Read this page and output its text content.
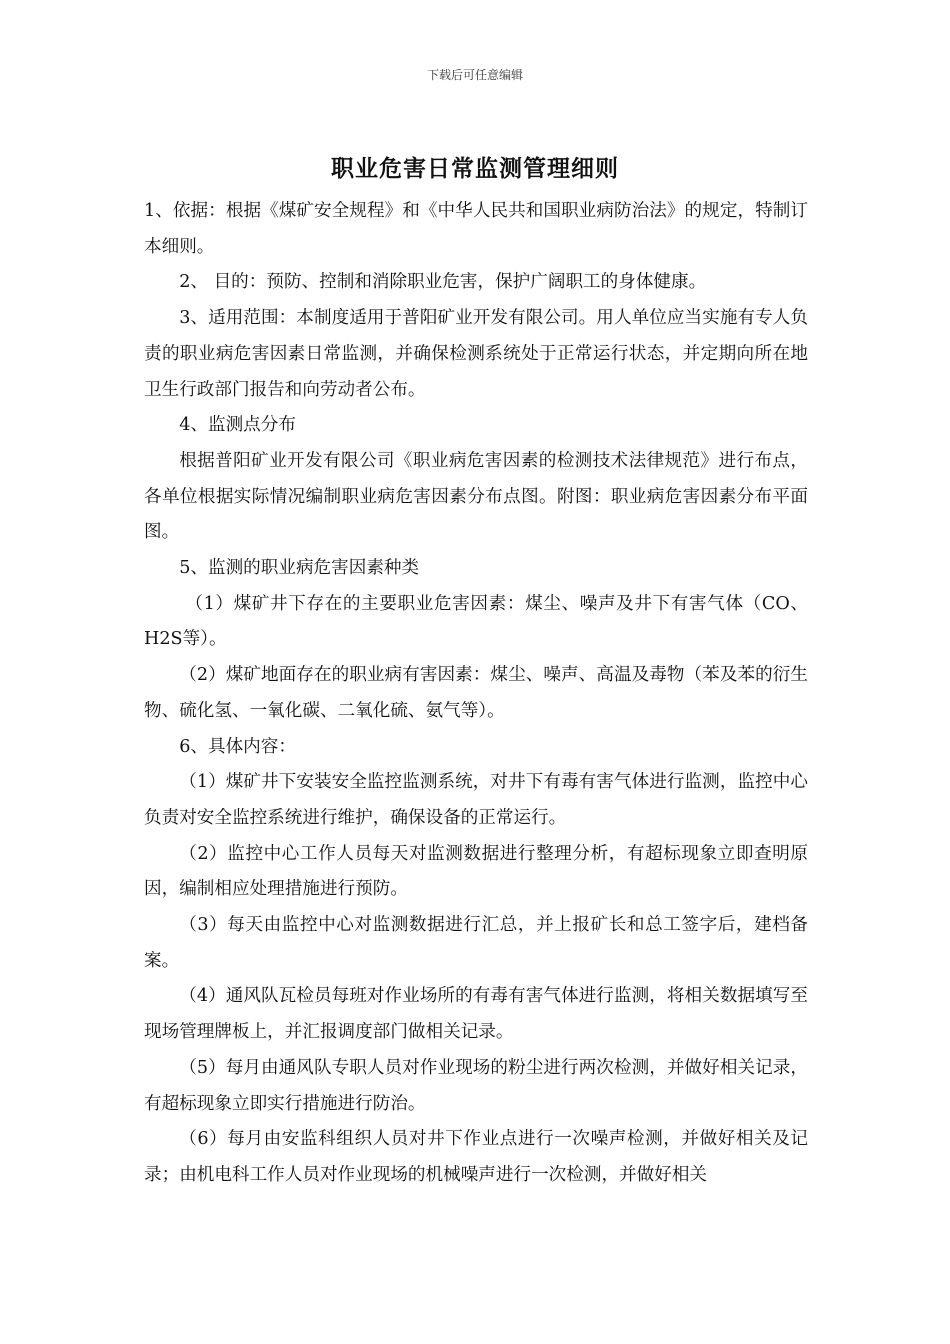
下载后可任意编辑
职业危害日常监测管理细则

1、依据：根据《煤矿安全规程》和《中华人民共和国职业病防治法》的规定，特制订本细则。

2、 目的：预防、控制和消除职业危害，保护广阔职工的身体健康。

3、适用范围：本制度适用于普阳矿业开发有限公司。用人单位应当实施有专人负责的职业病危害因素日常监测，并确保检测系统处于正常运行状态，并定期向所在地卫生行政部门报告和向劳动者公布。

4、监测点分布

根据普阳矿业开发有限公司《职业病危害因素的检测技术法律规范》进行布点，各单位根据实际情况编制职业病危害因素分布点图。附图：职业病危害因素分布平面图。

5、监测的职业病危害因素种类

（1）煤矿井下存在的主要职业危害因素：煤尘、噪声及井下有害气体（CO、H2S等）。

（2）煤矿地面存在的职业病有害因素：煤尘、噪声、高温及毒物（苯及苯的衍生物、硫化氢、一氧化碳、二氧化硫、氨气等）。

6、具体内容：

（1）煤矿井下安装安全监控监测系统，对井下有毒有害气体进行监测，监控中心负责对安全监控系统进行维护，确保设备的正常运行。

（2）监控中心工作人员每天对监测数据进行整理分析，有超标现象立即查明原因，编制相应处理措施进行预防。

（3）每天由监控中心对监测数据进行汇总，并上报矿长和总工签字后，建档备案。

（4）通风队瓦检员每班对作业场所的有毒有害气体进行监测，将相关数据填写至现场管理牌板上，并汇报调度部门做相关记录。

（5）每月由通风队专职人员对作业现场的粉尘进行两次检测，并做好相关记录，有超标现象立即实行措施进行防治。

（6）每月由安监科组织人员对井下作业点进行一次噪声检测，并做好相关及记录；由机电科工作人员对作业现场的机械噪声进行一次检测，并做好相关
